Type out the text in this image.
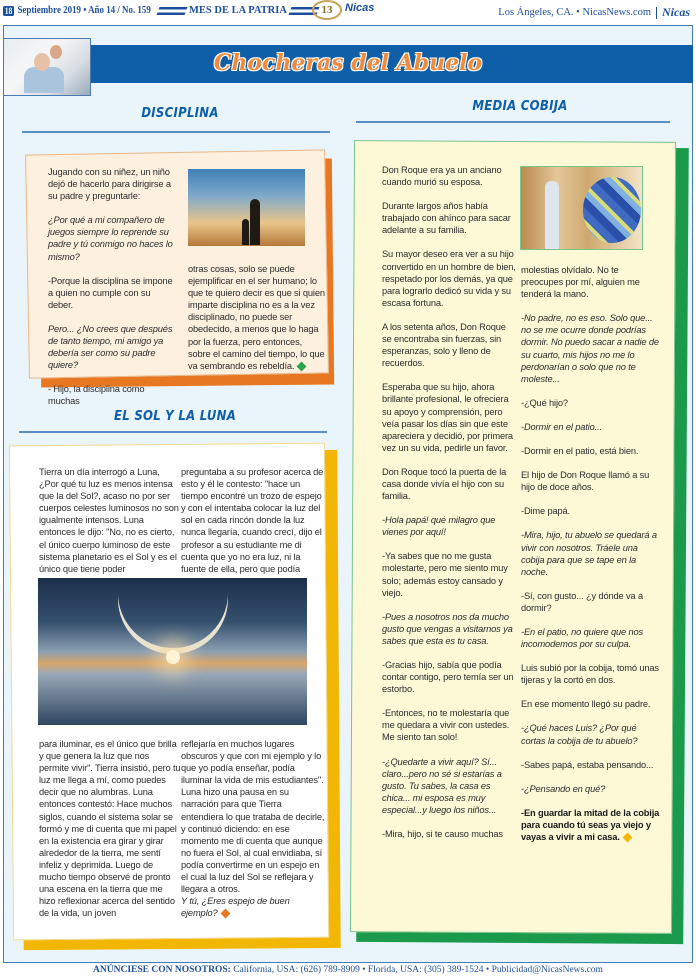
18 Septiembre 2019 • Año 14 / No. 159	MES DE LA PATRIA	13	Nicas	Los Ángeles, CA. • NicasNews.com Nicas
Chocheras del Abuelo
DISCIPLINA

Jugando con su niñez, un niño dejó de hacerlo para dirigirse a su padre y preguntarle:

¿Por qué a mi compañero de juegos siempre lo reprende su padre y tú conmigo no haces lo mismo?

-Porque la disciplina se impone a quien no cumple con su deber.

Pero... ¿No crees que después de tanto tiempo, mi amigo ya debería ser como su padre quiere?

- Hijo, la disciplina como muchas

otras cosas, solo se puede ejemplificar en el ser humano; lo que te quiero decir es que si quien imparte disciplina no es a la vez disciplinado, no puede ser obedecido, a menos que lo haga por la fuerza, pero entonces, sobre el camino del tiempo, lo que va sembrando es rebeldía.
EL SOL Y LA LUNA
Tierra un día interrogó a Luna, ¿Por qué tu luz es menos intensa que la del Sol?, acaso no por ser cuerpos celestes luminosos no son igualmente intensos. Luna entonces le dijo: "No, no es cierto, el único cuerpo luminoso de este sistema planetario es el Sol y es el único que tiene poder
preguntaba a su profesor acerca de esto y él le contesto: "hace un tiempo encontré un trozo de espejo y con el intentaba colocar la luz del sol en cada rincón donde la luz nunca llegaría, cuando crecí, dijo el profesor a su estudiante me di cuenta que yo no era luz, ni la fuente de ella, pero que podía
para iluminar, es el único que brilla y que genera la luz que nos permite vivir". Tierra insistió, pero tu luz me llega a mí, como puedes decir que no alumbras. Luna entonces contestó: Hace muchos siglos, cuando el sistema solar se formó y me di cuenta que mi papel en la existencia era girar y girar alrededor de la tierra, me sentí infeliz y deprimida. Luego de mucho tiempo observé de pronto una escena en la tierra que me hizo reflexionar acerca del sentido de la vida, un joven
reflejaría en muchos lugares obscuros y que con mi ejemplo y lo que yo podía enseñar, podía iluminar la vida de mis estudiantes". Luna hizo una pausa en su narración para que Tierra entendiera lo que trataba de decirle, y continuó diciendo: en ese momento me di cuenta que aunque no fuera el Sol, al cual envidiaba, sí podía convertirme en un espejo en el cual la luz del Sol se reflejara y llegara a otros.
Y tú, ¿Eres espejo de buen ejemplo?
MEDIA COBIJA

Don Roque era ya un anciano cuando murió su esposa.

Durante largos años había trabajado con ahínco para sacar adelante a su familia.

Su mayor deseo era ver a su hijo convertido en un hombre de bien, respetado por los demás, ya que para lograrlo dedicó su vida y su escasa fortuna.

A los setenta años, Don Roque se encontraba sin fuerzas, sin esperanzas, solo y lleno de recuerdos.

Esperaba que su hijo, ahora brillante profesional, le ofreciera su apoyo y comprensión, pero veía pasar los días sin que este apareciera y decidió, por primera vez un su vida, pedirle un favor.

Don Roque tocó la puerta de la casa donde vivía el hijo con su familia.

-Hola papá! qué milagro que vienes por aquí!

-Ya sabes que no me gusta molestarte, pero me siento muy solo; además estoy cansado y viejo.

-Pues a nosotros nos da mucho gusto que vengas a visitarnos ya sabes que esta es tu casa.

-Gracias hijo, sabía que podía contar contigo, pero temía ser un estorbo.

-Entonces, no te molestaría que me quedara a vivir con ustedes. Me siento tan solo!

-¿Quedarte a vivir aquí? Sí... claro...pero no sé si estarías a gusto. Tu sabes, la casa es chica... mi esposa es muy especial...y luego los niños...

-Mira, hijo, si te causo muchas

molestias olvídalo. No te preocupes por mí, alguien me tenderá la mano.

-No padre, no es eso. Solo que... no se me ocurre donde podrías dormir. No puedo sacar a nadie de su cuarto, mis hijos no me lo perdonarían o solo que no te moleste...

-¿Qué hijo?

-Dormir en el patio...

-Dormir en el patio, está bien.

El hijo de Don Roque llamó a su hijo de doce años.

-Dime papá.

-Mira, hijo, tu abuelo se quedará a vivir con nosotros. Tráele una cobija para que se tape en la noche.

-Sí, con gusto... ¿y dónde va a dormir?

-En el patio, no quiere que nos incomodemos por su culpa.

Luis subió por la cobija, tomó unas tijeras y la cortó en dos.

En ese momento llegó su padre.

-¿Qué haces Luis? ¿Por qué cortas la cobija de tu abuelo?

-Sabes papá, estaba pensando...

-¿Pensando en qué?

-En guardar la mitad de la cobija para cuando tú seas ya viejo y vayas a vivir a mi casa.

ANÚNCIESE CON NOSOTROS: California, USA: (626) 789-8909 • Florida, USA: (305) 389-1524 • Publicidad@NicasNews.com
